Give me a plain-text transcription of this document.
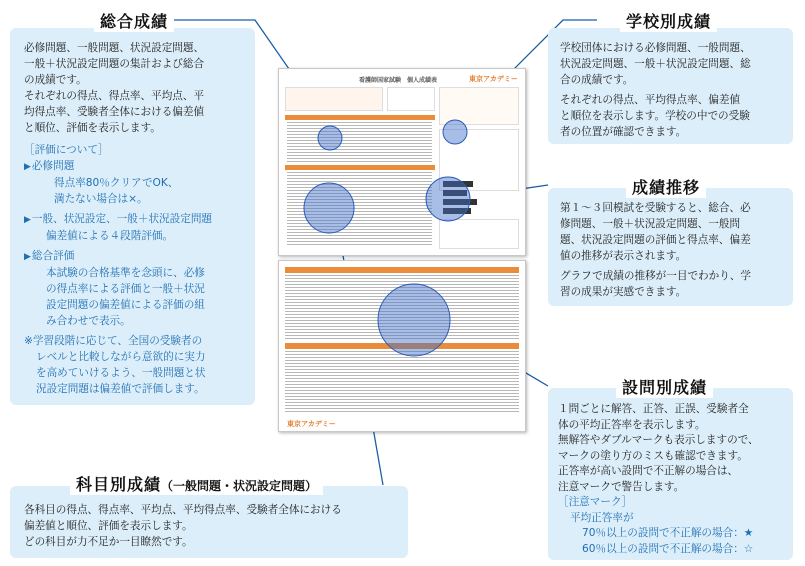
看護師国家試験　個人成績表	東京アカデミー
東京アカデミー

必修問題、一般問題、状況設定問題、
一般＋状況設定問題の集計および総合
の成績です。
それぞれの得点、得点率、平均点、平
均得点率、受験者全体における偏差値
と順位、評価を表示します。

［評価について］
▶ 必修問題
得点率80％クリアでOK、
満たない場合は×。
▶ 一般、状況設定、一般＋状況設定問題
偏差値による４段階評価。
▶ 総合評価
本試験の合格基準を念頭に、必修
の得点率による評価と一般＋状況
設定問題の偏差値による評価の組
み合わせで表示。
※学習段階に応じて、全国の受験者の
レベルと比較しながら意欲的に実力
を高めていけるよう、一般問題と状
況設定問題は偏差値で評価します。
総合成績
学校団体における必修問題、一般問題、
状況設定問題、一般＋状況設定問題、総
合の成績です。
それぞれの得点、平均得点率、偏差値
と順位を表示します。学校の中での受験
者の位置が確認できます。
学校別成績
第１～３回模試を受験すると、総合、必
修問題、一般＋状況設定問題、一般問
題、状況設定問題の評価と得点率、偏差
値の推移が表示されます。
グラフで成績の推移が一目でわかり、学
習の成果が実感できます。
成績推移
１問ごとに解答、正答、正誤、受験者全
体の平均正答率を表示します。
無解答やダブルマークも表示しますので、
マークの塗り方のミスも確認できます。
正答率が高い設問で不正解の場合は、
注意マークで警告します。
［注意マーク］
平均正答率が
70％以上の設問で不正解の場合：★
60％以上の設問で不正解の場合：☆
設問別成績
各科目の得点、得点率、平均点、平均得点率、受験者全体における
偏差値と順位、評価を表示します。
どの科目が力不足か一目瞭然です。
科目別成績（一般問題・状況設定問題）
